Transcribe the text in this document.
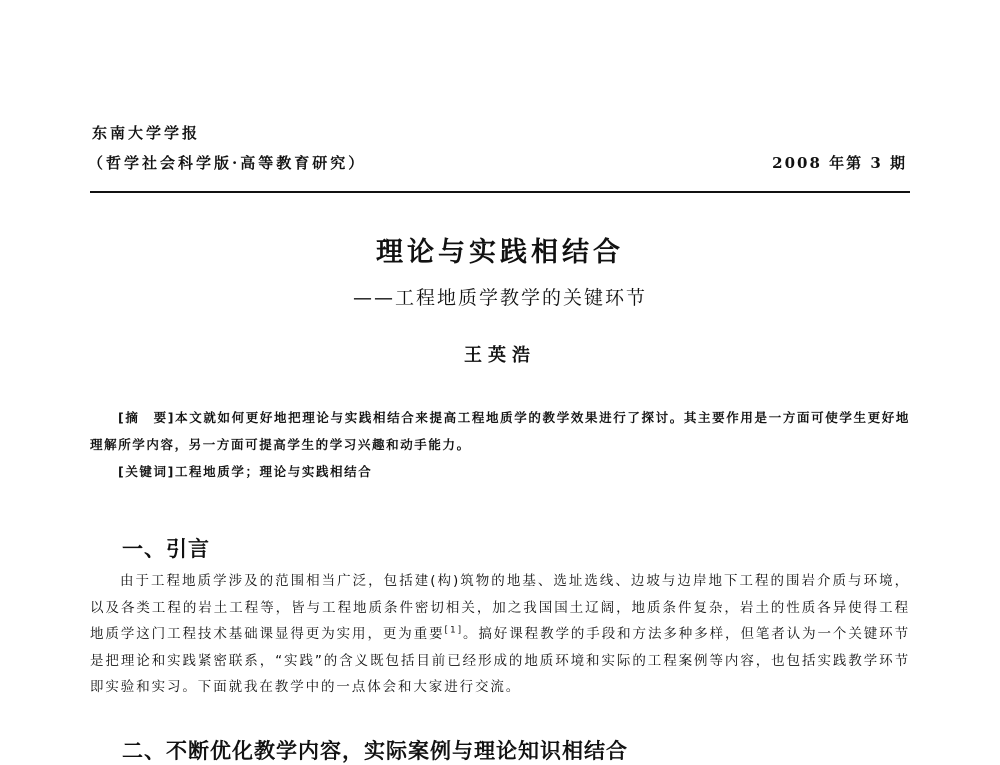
东南大学学报
（哲学社会科学版·高等教育研究）	2008 年第 3 期
理论与实践相结合
——工程地质学教学的关键环节
王英浩

[摘　要]本文就如何更好地把理论与实践相结合来提高工程地质学的教学效果进行了探讨。其主要作用是一方面可使学生更好地理解所学内容，另一方面可提高学生的学习兴趣和动手能力。

[关键词]工程地质学；理论与实践相结合

一、引言

由于工程地质学涉及的范围相当广泛，包括建(构)筑物的地基、选址选线、边坡与边岸地下工程的围岩介质与环境，以及各类工程的岩土工程等，皆与工程地质条件密切相关，加之我国国土辽阔，地质条件复杂，岩土的性质各异使得工程地质学这门工程技术基础课显得更为实用，更为重要[1]。搞好课程教学的手段和方法多种多样，但笔者认为一个关键环节是把理论和实践紧密联系，“实践”的含义既包括目前已经形成的地质环境和实际的工程案例等内容，也包括实践教学环节即实验和实习。下面就我在教学中的一点体会和大家进行交流。

二、不断优化教学内容，实际案例与理论知识相结合
